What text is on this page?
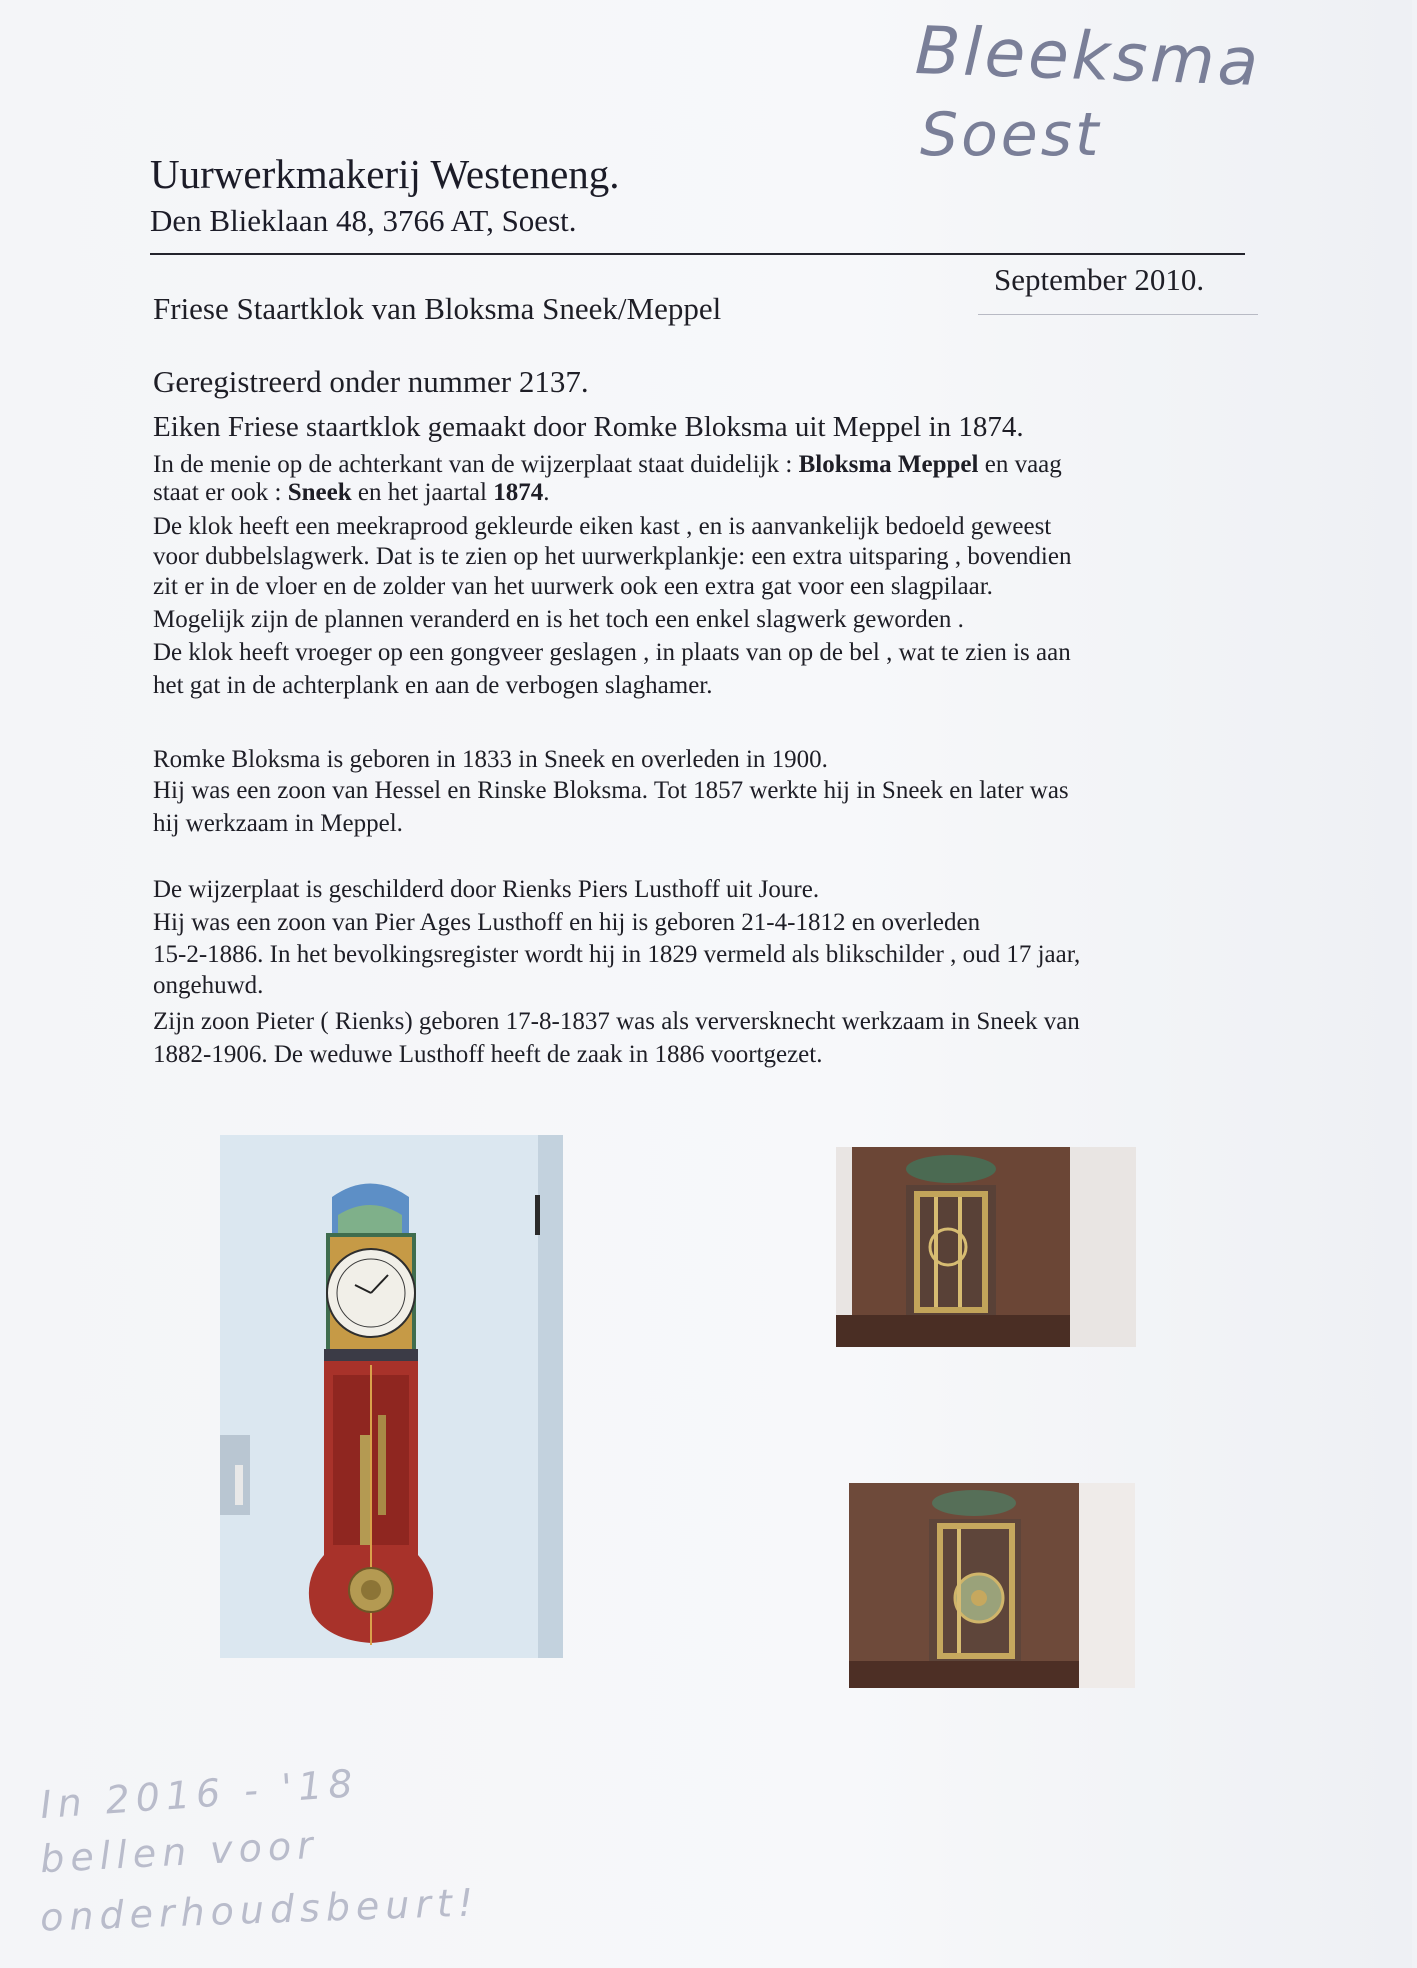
Bleeksma
Soest
Uurwerkmakerij Westeneng.
Den Blieklaan 48, 3766 AT, Soest.
September 2010.
Friese Staartklok van Bloksma Sneek/Meppel
Geregistreerd onder nummer 2137.
Eiken Friese staartklok gemaakt door Romke Bloksma uit Meppel in 1874.
In de menie op de achterkant van de wijzerplaat staat duidelijk : Bloksma Meppel en vaag
staat er ook : Sneek en het jaartal 1874.
De klok heeft een meekraprood gekleurde eiken kast , en is aanvankelijk bedoeld geweest
voor dubbelslagwerk. Dat is te zien op het uurwerkplankje: een extra uitsparing , bovendien
zit er in de vloer en de zolder van het uurwerk ook een extra gat voor een slagpilaar.
Mogelijk zijn de plannen veranderd en is het toch een enkel slagwerk geworden .
De klok heeft vroeger op een gongveer geslagen , in plaats van op de bel , wat te zien is aan
het gat in de achterplank en aan de verbogen slaghamer.
Romke Bloksma is geboren in 1833 in Sneek en overleden in 1900.
Hij was een zoon van Hessel en Rinske Bloksma. Tot 1857 werkte hij in Sneek en later was
hij werkzaam in Meppel.
De wijzerplaat is geschilderd door Rienks Piers Lusthoff uit Joure.
Hij was een zoon van Pier Ages Lusthoff en hij is geboren 21-4-1812 en overleden
15-2-1886. In het bevolkingsregister wordt hij in 1829 vermeld als blikschilder , oud 17 jaar,
ongehuwd.
Zijn zoon Pieter ( Rienks) geboren 17-8-1837 was als verversknecht werkzaam in Sneek van
1882-1906. De weduwe Lusthoff heeft de zaak in 1886 voortgezet.
In 2016 - '18
bellen voor
onderhoudsbeurt!
